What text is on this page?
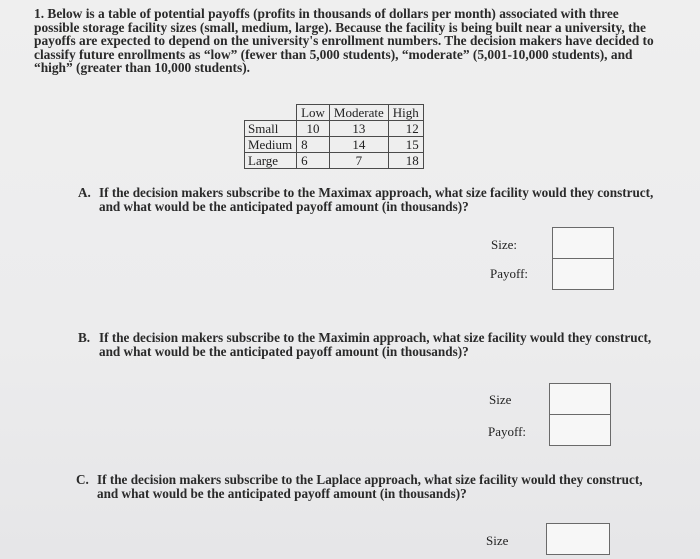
1. Below is a table of potential payoffs (profits in thousands of dollars per month) associated with three

possible storage facility sizes (small, medium, large). Because the facility is being built near a university, the

payoffs are expected to depend on the university's enrollment numbers. The decision makers have decided to

classify future enrollments as “low” (fewer than 5,000 students), “moderate” (5,001-10,000 students), and

“high” (greater than 10,000 students).

	Low	Moderate	High
Small	10	13	12
Medium	8	14	15
Large	6	7	18
A. If the decision makers subscribe to the Maximax approach, what size facility would they construct,
and what would be the anticipated payoff amount (in thousands)?
Size:
Payoff:
B. If the decision makers subscribe to the Maximin approach, what size facility would they construct,
and what would be the anticipated payoff amount (in thousands)?
Size
Payoff:
C. If the decision makers subscribe to the Laplace approach, what size facility would they construct,
and what would be the anticipated payoff amount (in thousands)?
Size
